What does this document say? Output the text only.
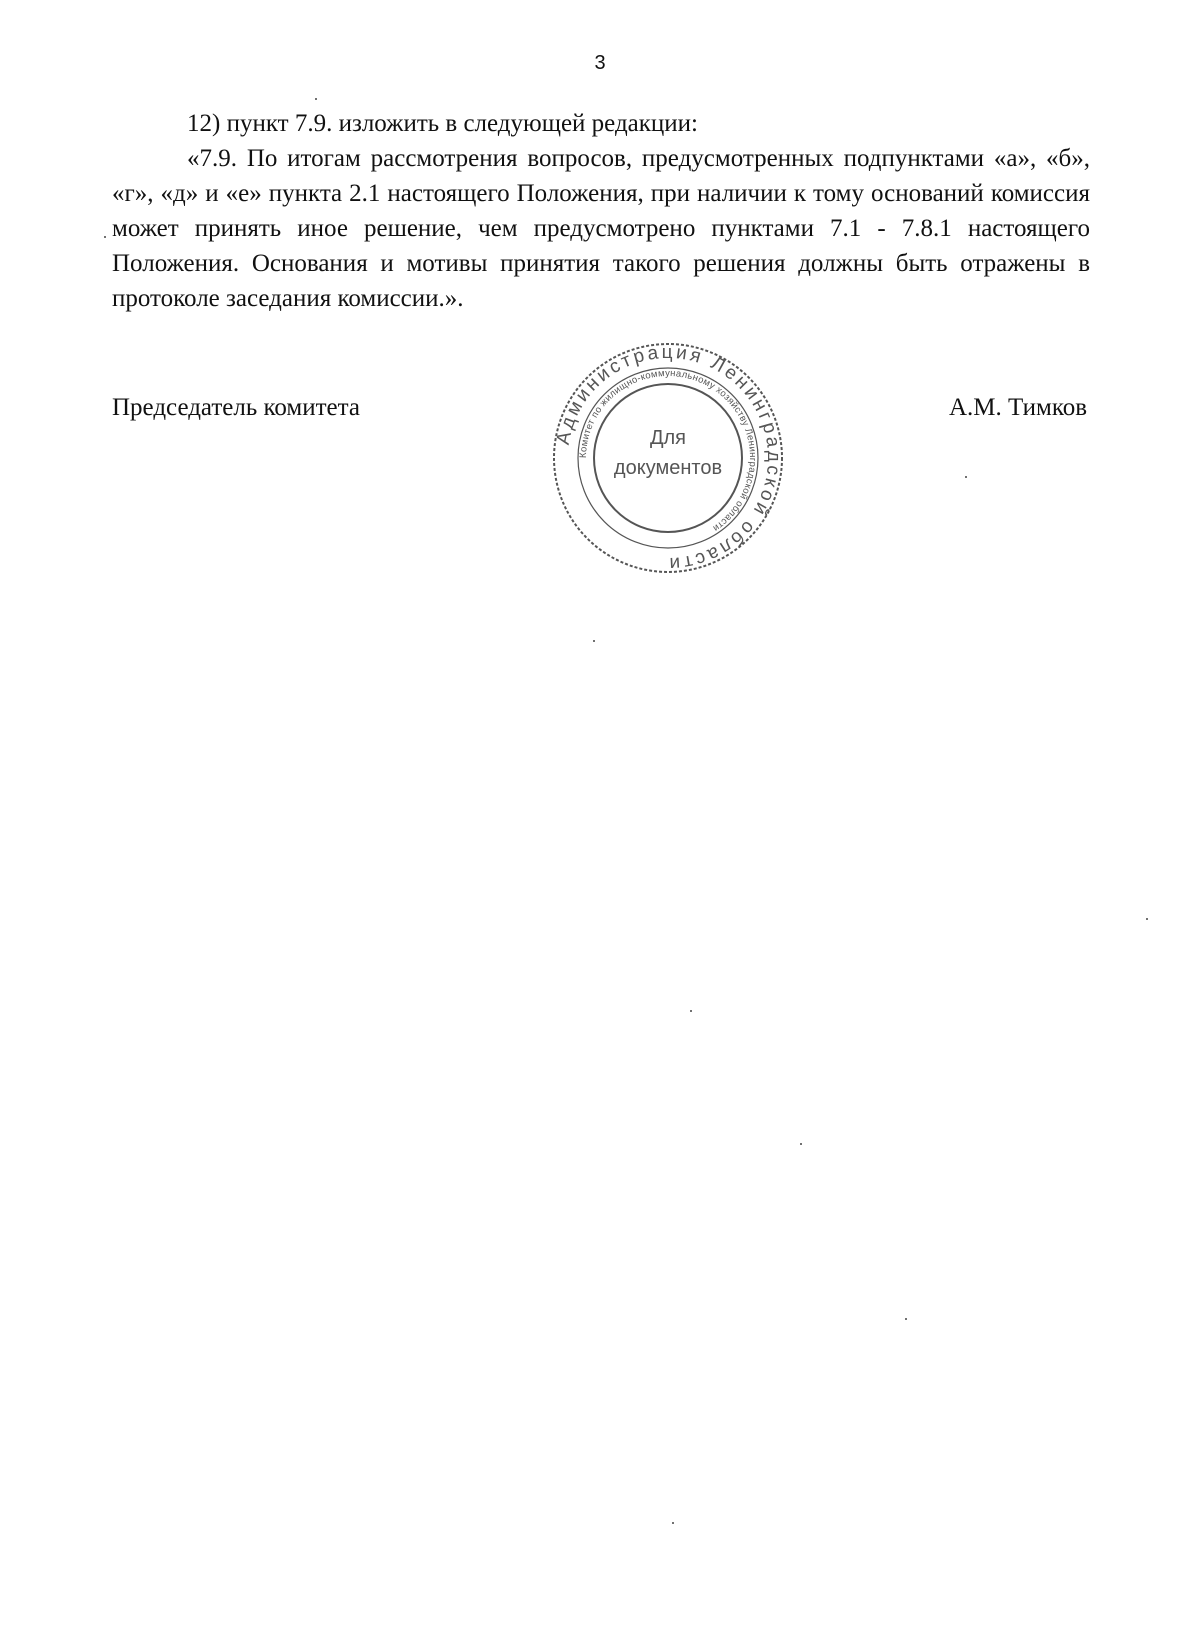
3

12) пункт 7.9. изложить в следующей редакции:

«7.9. По итогам рассмотрения вопросов, предусмотренных подпунктами «а», «б», «г», «д» и «е» пункта 2.1 настоящего Положения, при наличии к тому оснований комиссия может принять иное решение, чем предусмотрено пунктами 7.1 - 7.8.1 настоящего Положения. Основания и мотивы принятия такого решения должны быть отражены в протоколе заседания комиссии.».

Председатель комитета
Администрация Ленинградской области
Комитет по жилищно-коммунальному хозяйству Ленинградской области
Для
документов
А.М. Тимков
